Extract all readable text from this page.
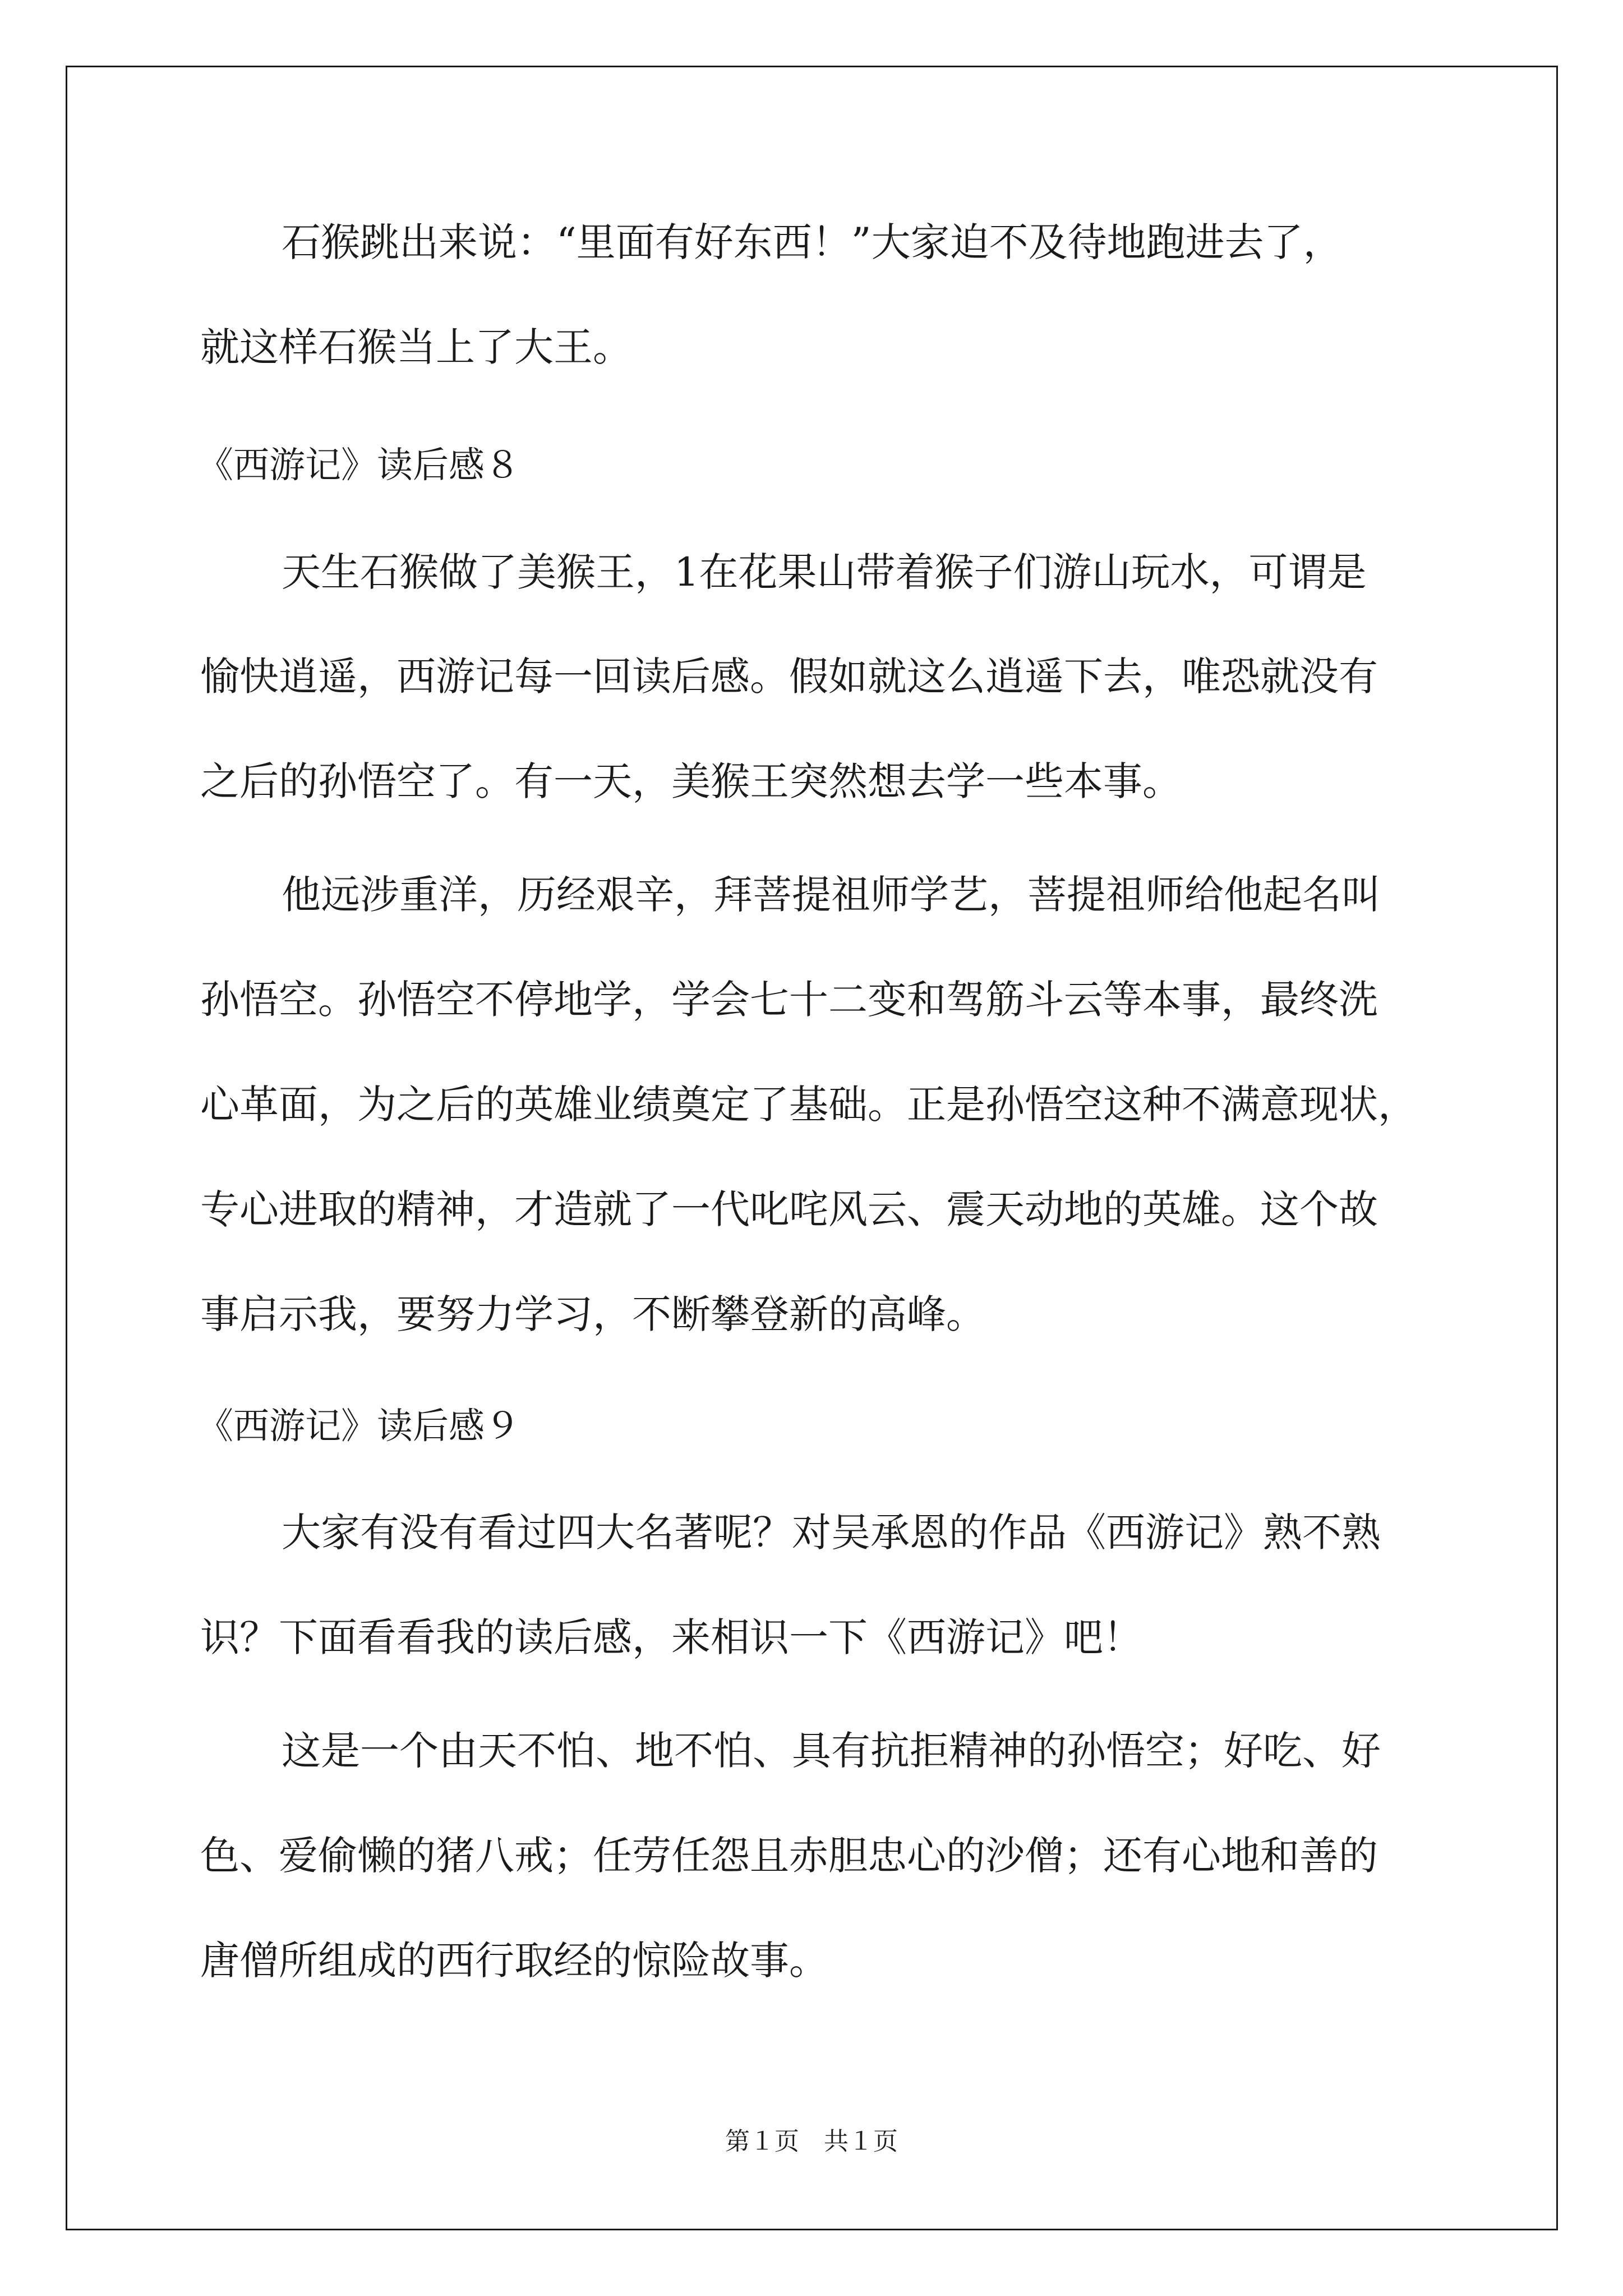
石猴跳出来说：“里面有好东西！”大家迫不及待地跑进去了，

就这样石猴当上了大王。

《西游记》读后感８

天生石猴做了美猴王，1在花果山带着猴子们游山玩水，可谓是

愉快逍遥，西游记每一回读后感。假如就这么逍遥下去，唯恐就没有

之后的孙悟空了。有一天，美猴王突然想去学一些本事。

他远涉重洋，历经艰辛，拜菩提祖师学艺，菩提祖师给他起名叫

孙悟空。孙悟空不停地学，学会七十二变和驾筋斗云等本事，最终洗

心革面，为之后的英雄业绩奠定了基础。正是孙悟空这种不满意现状，

专心进取的精神，才造就了一代叱咤风云、震天动地的英雄。这个故

事启示我，要努力学习，不断攀登新的高峰。

《西游记》读后感９

大家有没有看过四大名著呢？对吴承恩的作品《西游记》熟不熟

识？下面看看我的读后感，来相识一下《西游记》吧！

这是一个由天不怕、地不怕、具有抗拒精神的孙悟空；好吃、好

色、爱偷懒的猪八戒；任劳任怨且赤胆忠心的沙僧；还有心地和善的

唐僧所组成的西行取经的惊险故事。

第１页　共１页
